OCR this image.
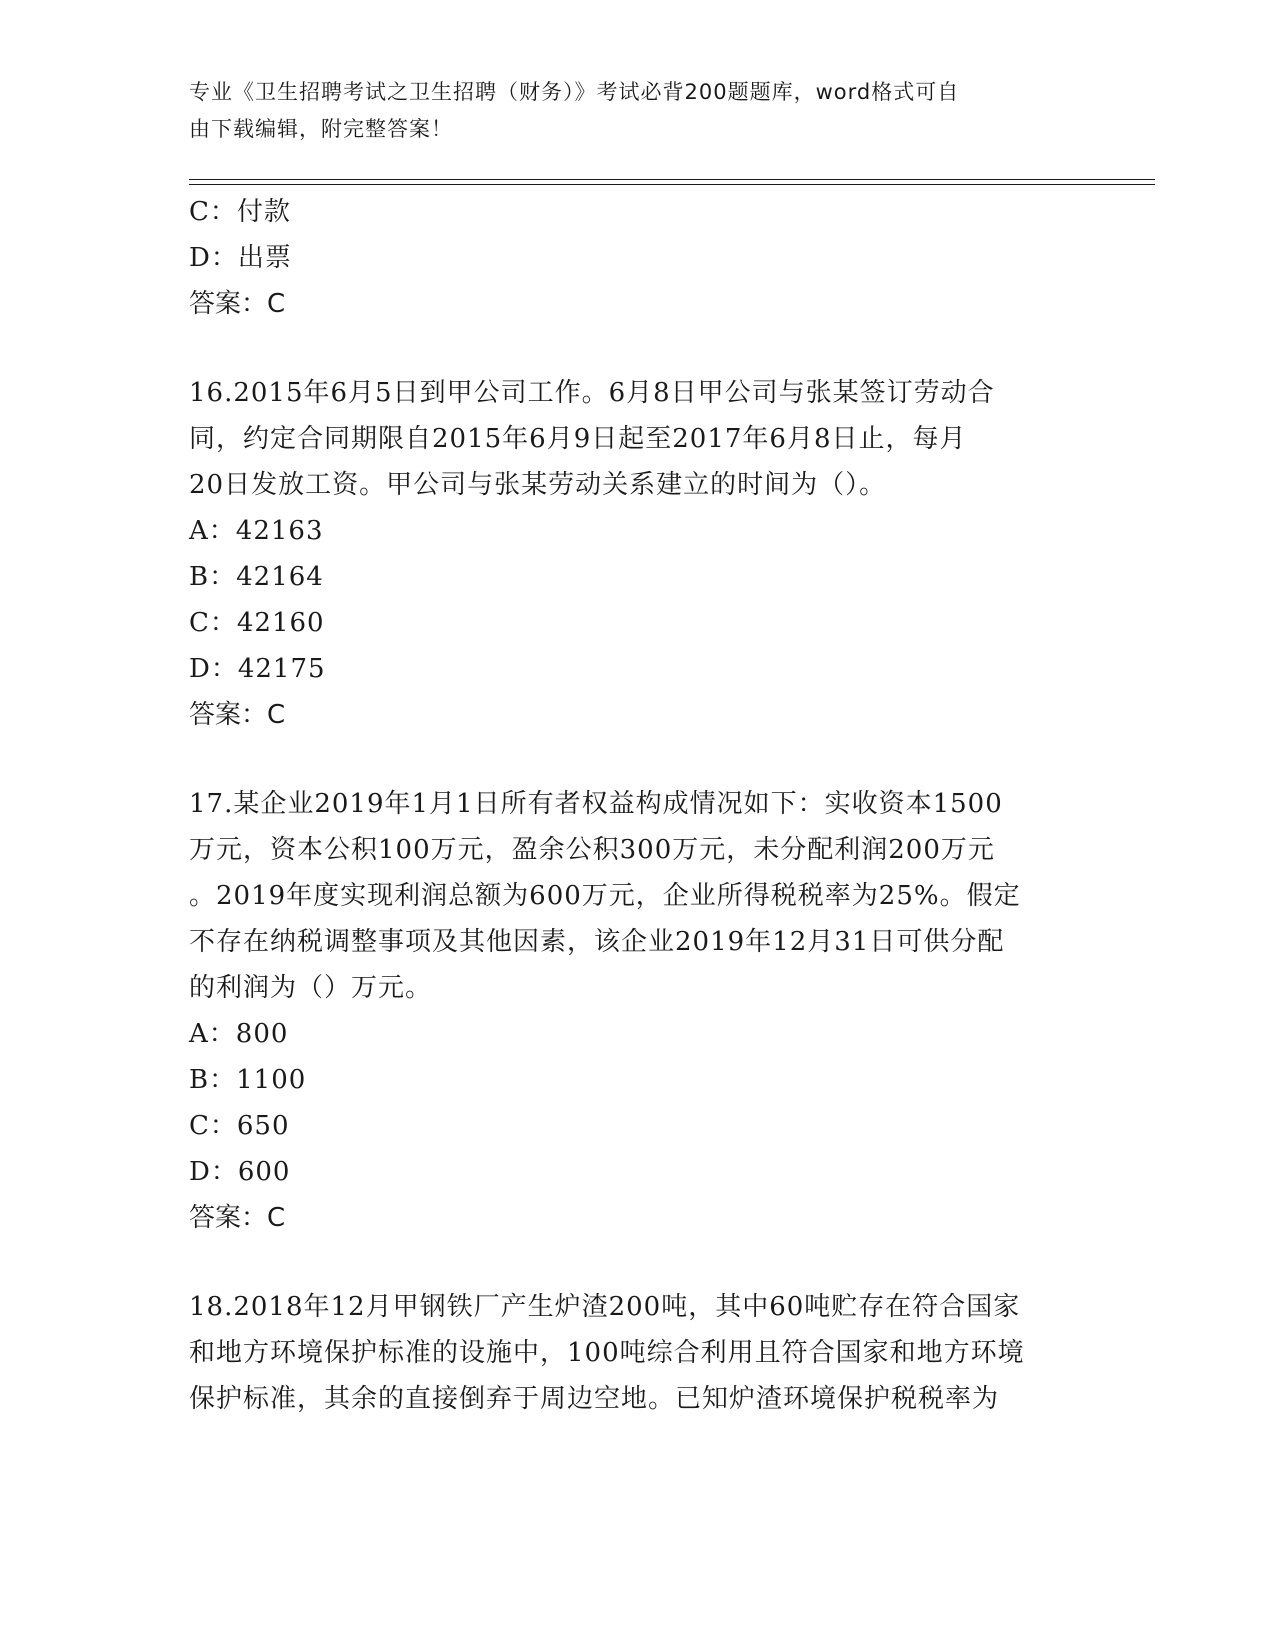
专业《卫生招聘考试之卫生招聘（财务）》考试必背200题题库，word格式可自
由下载编辑，附完整答案！
C：付款
D：出票
答案：C
16.2015年6月5日到甲公司工作。6月8日甲公司与张某签订劳动合
同，约定合同期限自2015年6月9日起至2017年6月8日止，每月
20日发放工资。甲公司与张某劳动关系建立的时间为（）。
A：42163
B：42164
C：42160
D：42175
答案：C
17.某企业2019年1月1日所有者权益构成情况如下：实收资本1500
万元，资本公积100万元，盈余公积300万元，未分配利润200万元
。2019年度实现利润总额为600万元，企业所得税税率为25%。假定
不存在纳税调整事项及其他因素，该企业2019年12月31日可供分配
的利润为（）万元。
A：800
B：1100
C：650
D：600
答案：C
18.2018年12月甲钢铁厂产生炉渣200吨，其中60吨贮存在符合国家
和地方环境保护标准的设施中，100吨综合利用且符合国家和地方环境
保护标准，其余的直接倒弃于周边空地。已知炉渣环境保护税税率为
